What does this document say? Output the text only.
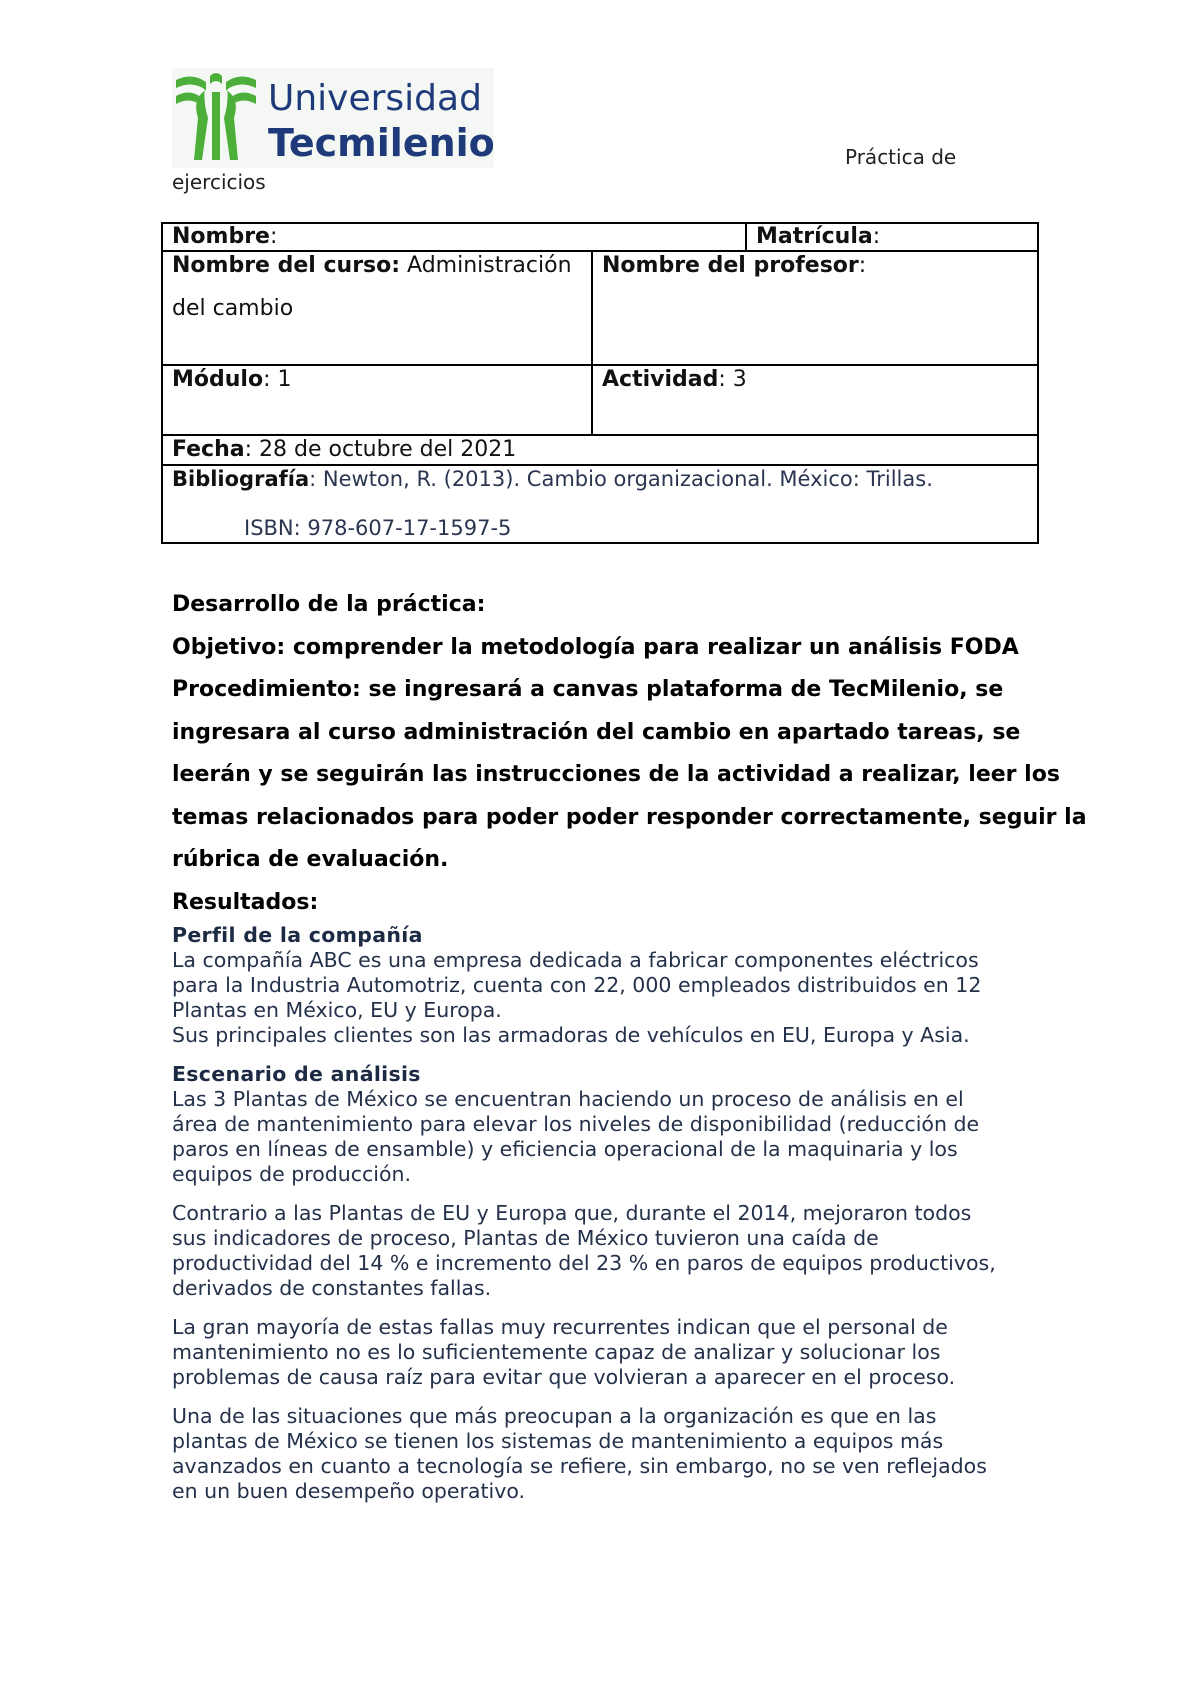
Universidad
Tecmilenio	Práctica de
ejercicios
Nombre:	Matrícula:
Nombre del curso: Administración
del cambio
Nombre del profesor:
Módulo: 1	Actividad: 3
Fecha: 28 de octubre del 2021
Bibliografía: Newton, R. (2013). Cambio organizacional. México: Trillas.
ISBN: 978-607-17-1597-5
Desarrollo de la práctica:
Objetivo: comprender la metodología para realizar un análisis FODA
Procedimiento: se ingresará a canvas plataforma de TecMilenio, se
ingresara al curso administración del cambio en apartado tareas, se
leerán y se seguirán las instrucciones de la actividad a realizar, leer los
temas relacionados para poder poder responder correctamente, seguir la
rúbrica de evaluación.
Resultados:
Perfil de la compañía
La compañía ABC es una empresa dedicada a fabricar componentes eléctricos
para la Industria Automotriz, cuenta con 22, 000 empleados distribuidos en 12
Plantas en México, EU y Europa.
Sus principales clientes son las armadoras de vehículos en EU, Europa y Asia.
Escenario de análisis
Las 3 Plantas de México se encuentran haciendo un proceso de análisis en el
área de mantenimiento para elevar los niveles de disponibilidad (reducción de
paros en líneas de ensamble) y eficiencia operacional de la maquinaria y los
equipos de producción.
Contrario a las Plantas de EU y Europa que, durante el 2014, mejoraron todos
sus indicadores de proceso, Plantas de México tuvieron una caída de
productividad del 14 % e incremento del 23 % en paros de equipos productivos,
derivados de constantes fallas.
La gran mayoría de estas fallas muy recurrentes indican que el personal de
mantenimiento no es lo suficientemente capaz de analizar y solucionar los
problemas de causa raíz para evitar que volvieran a aparecer en el proceso.
Una de las situaciones que más preocupan a la organización es que en las
plantas de México se tienen los sistemas de mantenimiento a equipos más
avanzados en cuanto a tecnología se refiere, sin embargo, no se ven reflejados
en un buen desempeño operativo.
